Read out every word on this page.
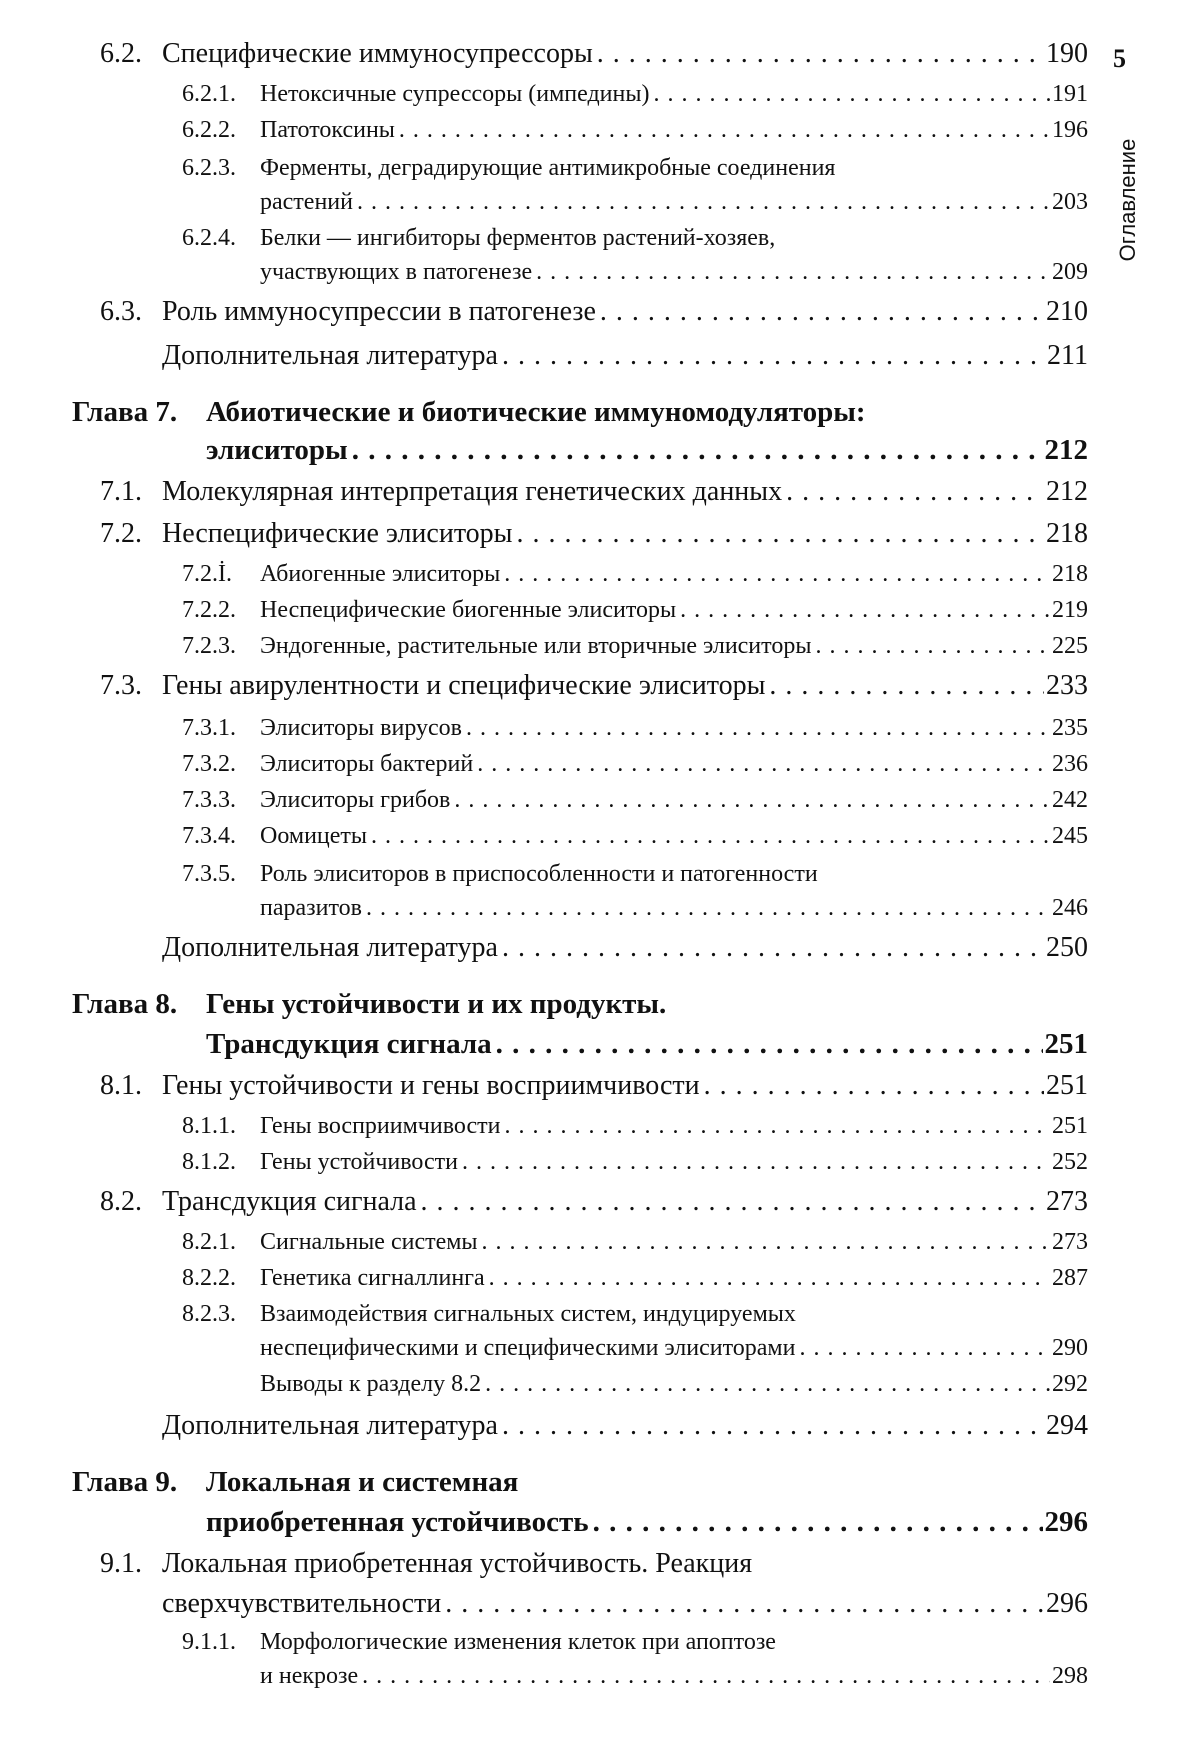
6.2. Специфические иммуносупрессоры . . .	190
6.2.1.	Нетоксичные супрессоры (импедины) . . .	191
6.2.2.	Патотоксины . . .	196
6.2.3. Ферменты, деградирующие антимикробные соединения
растений . . .	203
6.2.4. Белки — ингибиторы ферментов растений-хозяев,
участвующих в патогенезе . . .	209
6.3. Роль иммуносупрессии в патогенезе . . .	210
Дополнительная литература . . .	211
Глава 7. Абиотические и биотические иммуномодуляторы:
элиситоры . . .	212
7.1. Молекулярная интерпретация генетических данных . . .	212
7.2. Неспецифические элиситоры . . .	218
7.2.İ.	Абиогенные элиситоры . . .	218
7.2.2.	Неспецифические биогенные элиситоры . . .	219
7.2.3.	Эндогенные, растительные или вторичные элиситоры . . .	225
7.3. Гены авирулентности и специфические элиситоры . . .	233
7.3.1.	Элиситоры вирусов . . .	235
7.3.2.	Элиситоры бактерий . . .	236
7.3.3.	Элиситоры грибов . . .	242
7.3.4.	Оомицеты . . .	245
7.3.5. Роль элиситоров в приспособленности и патогенности
паразитов . . .	246
Дополнительная литература . . .	250
Глава 8. Гены устойчивости и их продукты.
Трансдукция сигнала . . .	251
8.1. Гены устойчивости и гены восприимчивости . . .	251
8.1.1.	Гены восприимчивости . . .	251
8.1.2.	Гены устойчивости . . .	252
8.2. Трансдукция сигнала . . .	273
8.2.1.	Сигнальные системы . . .	273
8.2.2.	Генетика сигналлинга . . .	287
8.2.3. Взаимодействия сигнальных систем, индуцируемых
неспецифическими и специфическими элиситорами . . .	290
Выводы к разделу 8.2 . . .	292
Дополнительная литература . . .	294
Глава 9. Локальная и системная
приобретенная устойчивость . . .	296
9.1. Локальная приобретенная устойчивость. Реакция
сверхчувствительности . . .	296
9.1.1. Морфологические изменения клеток при апоптозе
и некрозе . . .	298
5
Оглавление
